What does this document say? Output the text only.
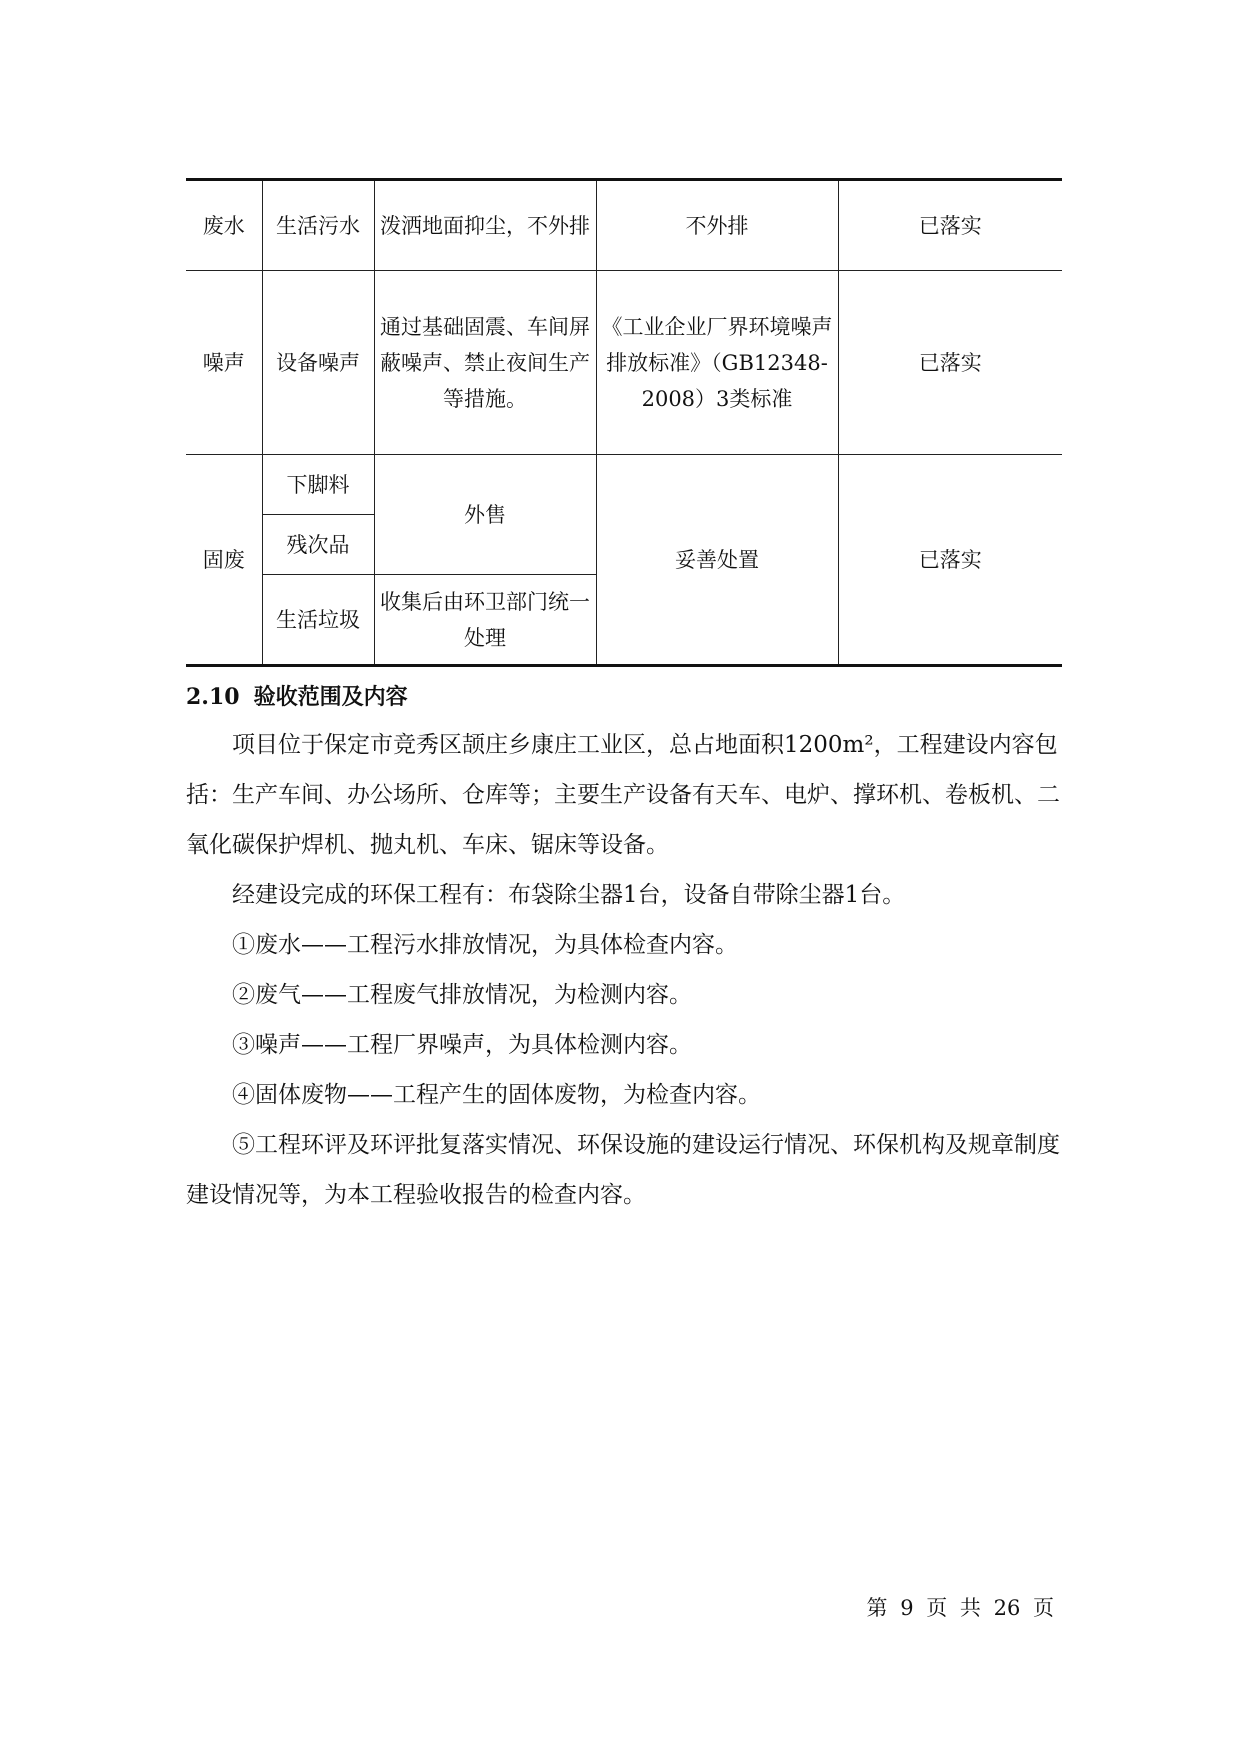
废水	生活污水	泼洒地面抑尘，不外排	不外排	已落实
噪声	设备噪声	通过基础固震、车间屏蔽噪声、禁止夜间生产等措施。	《工业企业厂界环境噪声排放标准》（GB12348-2008）3类标准	已落实
固废	下脚料	外售	妥善处置	已落实
	残次品			
	生活垃圾	收集后由环卫部门统一处理		
2.10 验收范围及内容

项目位于保定市竞秀区颉庄乡康庄工业区，总占地面积1200m²，工程建设内容包括：生产车间、办公场所、仓库等；主要生产设备有天车、电炉、撑环机、卷板机、二氧化碳保护焊机、抛丸机、车床、锯床等设备。

经建设完成的环保工程有：布袋除尘器1台，设备自带除尘器1台。

①废水——工程污水排放情况，为具体检查内容。

②废气——工程废气排放情况，为检测内容。

③噪声——工程厂界噪声，为具体检测内容。

④固体废物——工程产生的固体废物，为检查内容。

⑤工程环评及环评批复落实情况、环保设施的建设运行情况、环保机构及规章制度建设情况等，为本工程验收报告的检查内容。

第 9 页 共 26 页
